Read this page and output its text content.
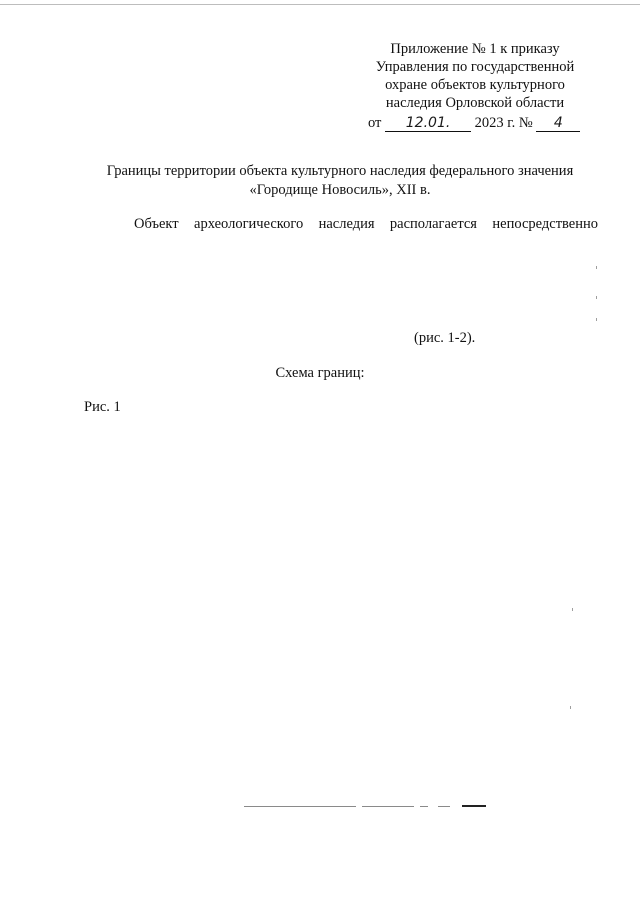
Приложение № 1 к приказу
Управления по государственной
охране объектов культурного
наследия Орловской области
от 12.01. 2023 г. № 4
Границы территории объекта культурного наследия федерального значения
«Городище Новосиль», XII в.
Объект археологического наследия располагается непосредственно
(рис. 1-2).
Схема границ:
Рис. 1
